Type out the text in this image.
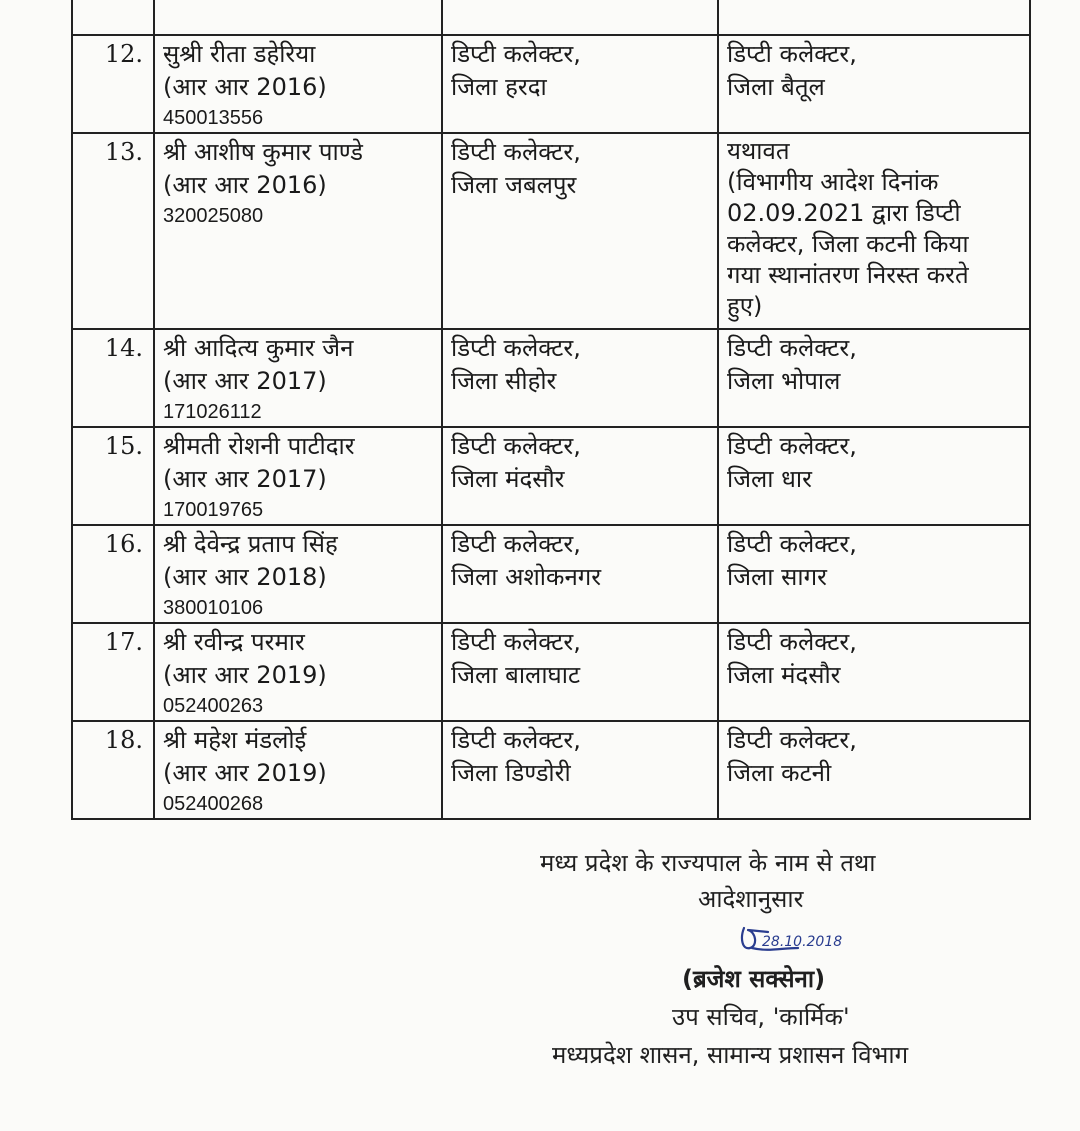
12. सुश्री रीता डहेरिया
(आर आर 2016)
450013556
डिप्टी कलेक्टर,
जिला हरदा
डिप्टी कलेक्टर,
जिला बैतूल
13. श्री आशीष कुमार पाण्डे
(आर आर 2016)
320025080
डिप्टी कलेक्टर,
जिला जबलपुर
यथावत
(विभागीय आदेश दिनांक
02.09.2021 द्वारा डिप्टी
कलेक्टर, जिला कटनी किया
गया स्थानांतरण निरस्त करते
हुए)
14. श्री आदित्य कुमार जैन
(आर आर 2017)
171026112
डिप्टी कलेक्टर,
जिला सीहोर
डिप्टी कलेक्टर,
जिला भोपाल
15. श्रीमती रोशनी पाटीदार
(आर आर 2017)
170019765
डिप्टी कलेक्टर,
जिला मंदसौर
डिप्टी कलेक्टर,
जिला धार
16. श्री देवेन्द्र प्रताप सिंह
(आर आर 2018)
380010106
डिप्टी कलेक्टर,
जिला अशोकनगर
डिप्टी कलेक्टर,
जिला सागर
17. श्री रवीन्द्र परमार
(आर आर 2019)
052400263
डिप्टी कलेक्टर,
जिला बालाघाट
डिप्टी कलेक्टर,
जिला मंदसौर
18. श्री महेश मंडलोई
(आर आर 2019)
052400268
डिप्टी कलेक्टर,
जिला डिण्डोरी
डिप्टी कलेक्टर,
जिला कटनी
मध्य प्रदेश के राज्यपाल के नाम से तथा
आदेशानुसार
28.10.2018
(ब्रजेश सक्सेना)
उप सचिव, 'कार्मिक'
मध्यप्रदेश शासन, सामान्य प्रशासन विभाग
